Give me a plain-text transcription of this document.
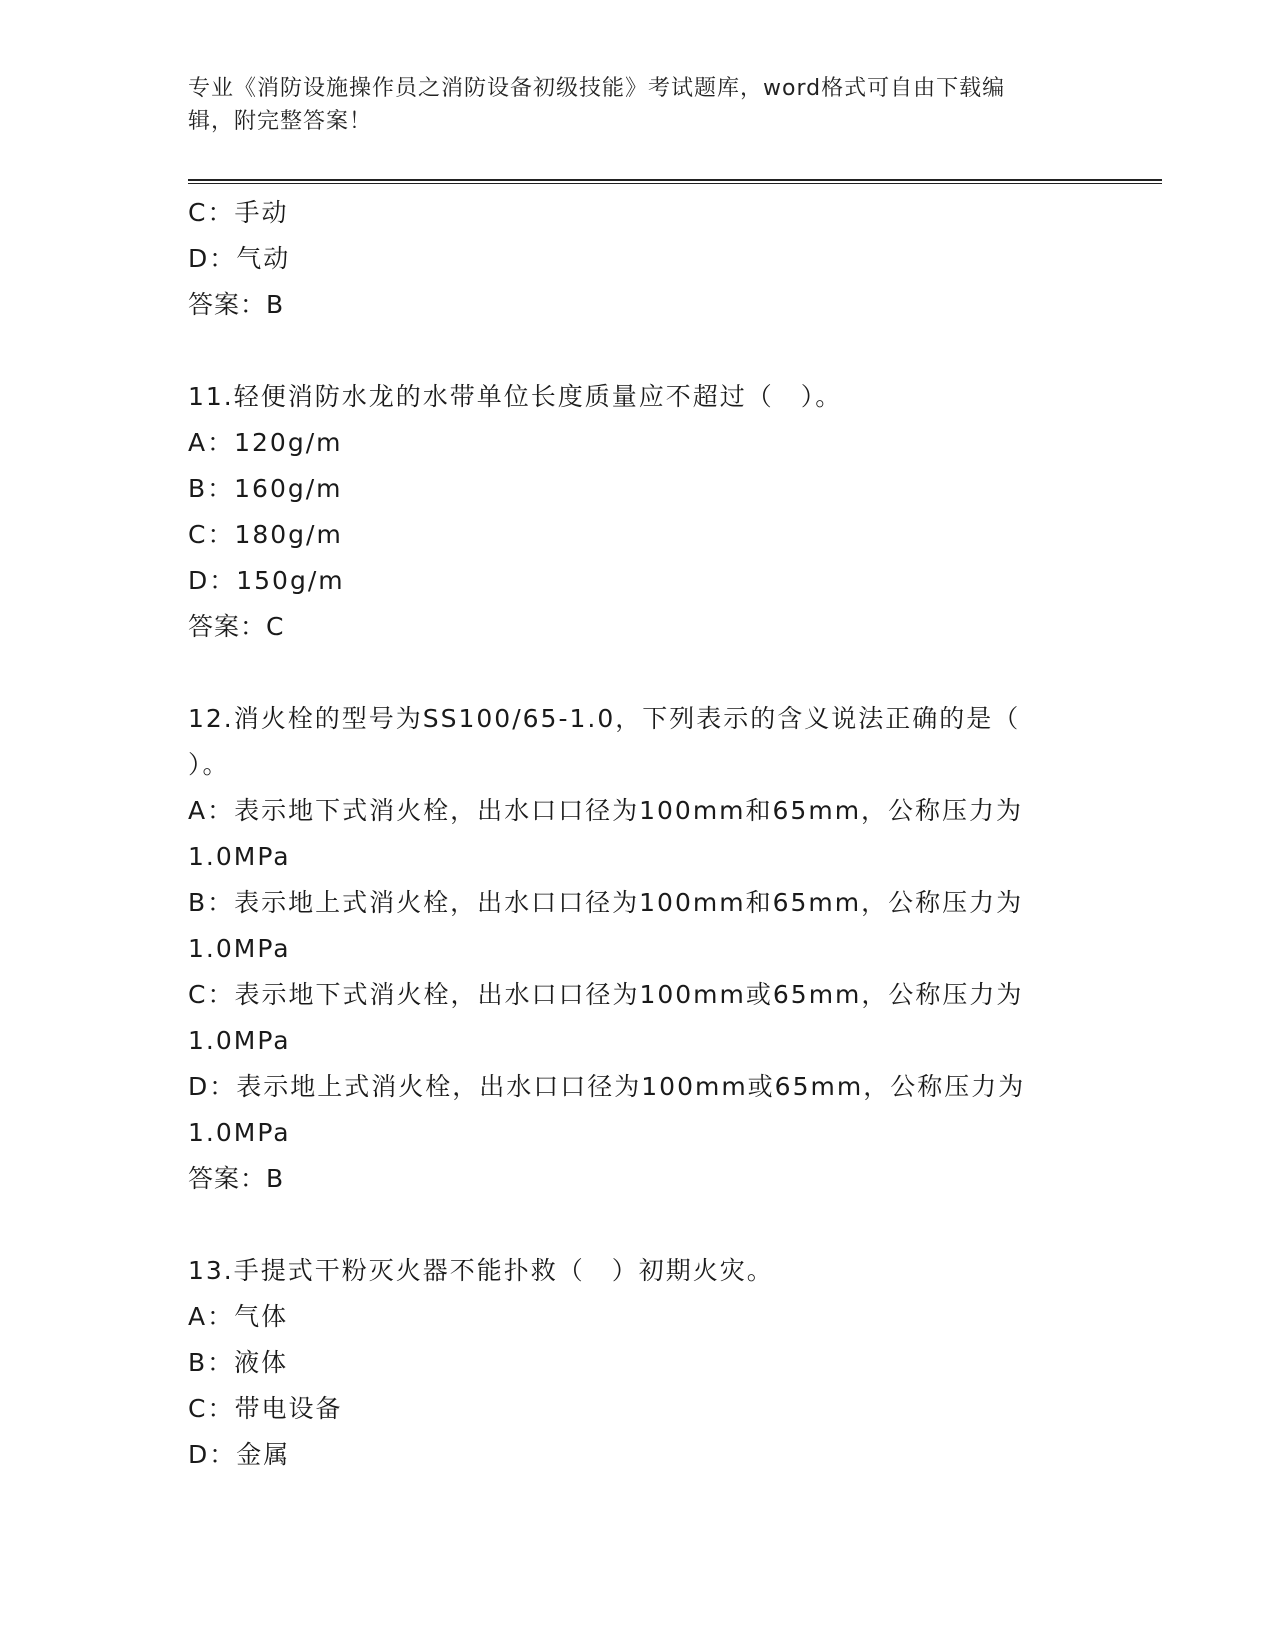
专业《消防设施操作员之消防设备初级技能》考试题库，word格式可自由下载编
辑，附完整答案！
C：手动
D：气动
答案：B
11.轻便消防水龙的水带单位长度质量应不超过（　）。
A：120g/m
B：160g/m
C：180g/m
D：150g/m
答案：C
12.消火栓的型号为SS100/65-1.0，下列表示的含义说法正确的是（
）。
A：表示地下式消火栓，出水口口径为100mm和65mm，公称压力为
1.0MPa
B：表示地上式消火栓，出水口口径为100mm和65mm，公称压力为
1.0MPa
C：表示地下式消火栓，出水口口径为100mm或65mm，公称压力为
1.0MPa
D：表示地上式消火栓，出水口口径为100mm或65mm，公称压力为
1.0MPa
答案：B
13.手提式干粉灭火器不能扑救（　）初期火灾。
A：气体
B：液体
C：带电设备
D：金属
